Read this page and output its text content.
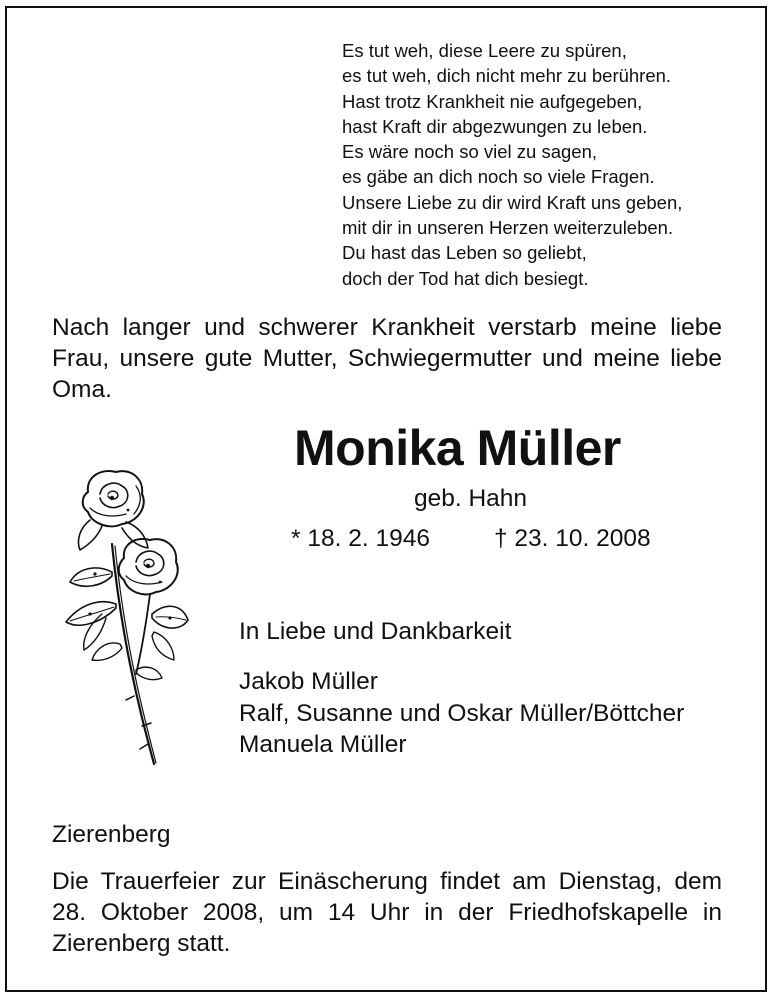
Es tut weh, diese Leere zu spüren,
es tut weh, dich nicht mehr zu berühren.
Hast trotz Krankheit nie aufgegeben,
hast Kraft dir abgezwungen zu leben.
Es wäre noch so viel zu sagen,
es gäbe an dich noch so viele Fragen.
Unsere Liebe zu dir wird Kraft uns geben,
mit dir in unseren Herzen weiterzuleben.
Du hast das Leben so geliebt,
doch der Tod hat dich besiegt.
Nach langer und schwerer Krankheit verstarb meine liebe Frau, unsere gute Mutter, Schwiegermutter und meine liebe Oma.
Monika Müller
geb. Hahn
* 18. 2. 1946	† 23. 10. 2008
In Liebe und Dankbarkeit
Jakob Müller
Ralf, Susanne und Oskar Müller/Böttcher
Manuela Müller
Zierenberg
Die Trauerfeier zur Einäscherung findet am Dienstag, dem 28. Oktober 2008, um 14 Uhr in der Friedhofskapelle in Zierenberg statt.
